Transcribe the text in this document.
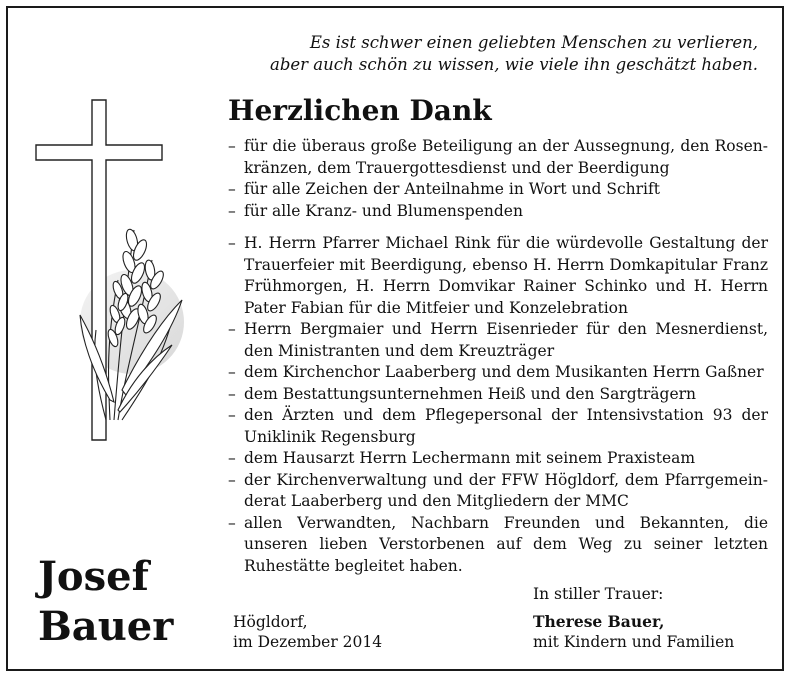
Es ist schwer einen geliebten Menschen zu verlieren,
aber auch schön zu wissen, wie viele ihn geschätzt haben.
Herzlichen Dank
– für die überaus große Beteiligung an der Aussegnung, den Rosenkränzen, dem Trauergottesdienst und der Beerdigung
– für alle Zeichen der Anteilnahme in Wort und Schrift
– für alle Kranz- und Blumenspenden
– H. Herrn Pfarrer Michael Rink für die würdevolle Gestaltung der Trauerfeier mit Beerdigung, ebenso H. Herrn Domkapitular Franz Frühmorgen, H. Herrn Domvikar Rainer Schinko und H. Herrn Pater Fabian für die Mitfeier und Konzelebration
– Herrn Bergmaier und Herrn Eisenrieder für den Mesnerdienst, den Ministranten und dem Kreuzträger
– dem Kirchenchor Laaberberg und dem Musikanten Herrn Gaßner
– dem Bestattungsunternehmen Heiß und den Sargträgern
– den Ärzten und dem Pflegepersonal der Intensivstation 93 der Uniklinik Regensburg
– dem Hausarzt Herrn Lechermann mit seinem Praxisteam
– der Kirchenverwaltung und der FFW Högldorf, dem Pfarrgemeinderat Laaberberg und den Mitgliedern der MMC
– allen Verwandten, Nachbarn Freunden und Bekannten, die unseren lieben Verstorbenen auf dem Weg zu seiner letzten Ruhestätte begleitet haben.
Josef
Bauer	Högldorf,
im Dezember 2014
In stiller Trauer:
Therese Bauer,
mit Kindern und Familien
